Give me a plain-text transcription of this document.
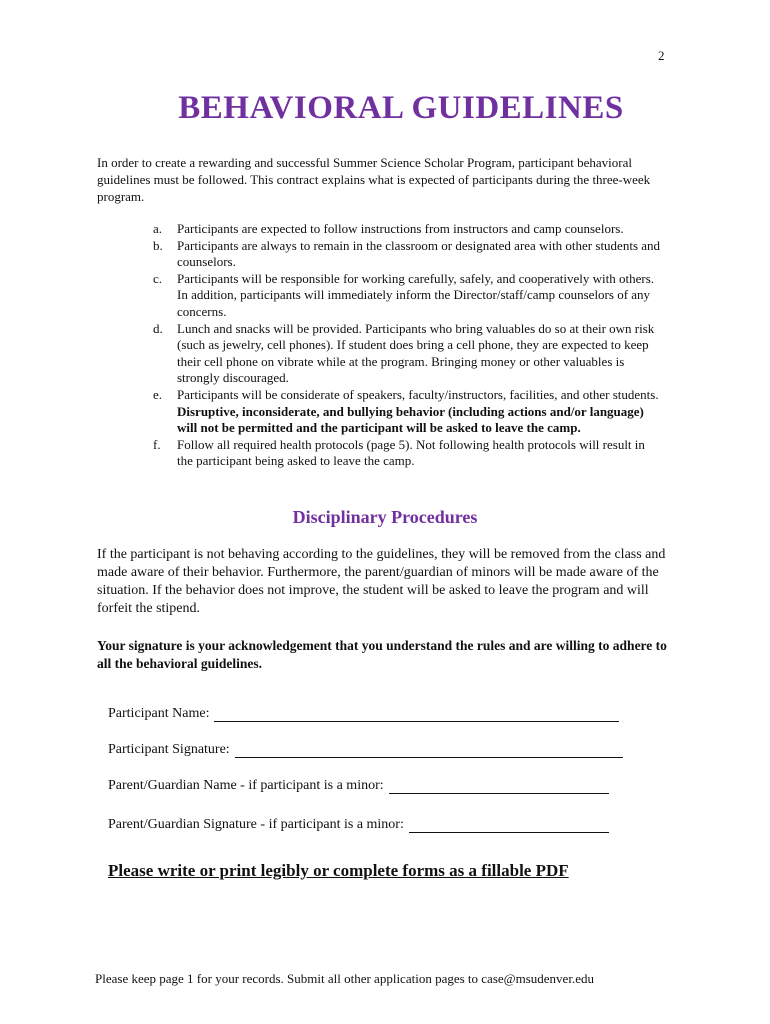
2
BEHAVIORAL GUIDELINES

In order to create a rewarding and successful Summer Science Scholar Program, participant behavioral guidelines must be followed. This contract explains what is expected of participants during the three-week program.

a.	Participants are expected to follow instructions from instructors and camp counselors.
b.	Participants are always to remain in the classroom or designated area with other students and counselors.
c.	Participants will be responsible for working carefully, safely, and cooperatively with others. In addition, participants will immediately inform the Director/staff/camp counselors of any concerns.
d.	Lunch and snacks will be provided. Participants who bring valuables do so at their own risk (such as jewelry, cell phones). If student does bring a cell phone, they are expected to keep their cell phone on vibrate while at the program. Bringing money or other valuables is strongly discouraged.
e.	Participants will be considerate of speakers, faculty/instructors, facilities, and other students. Disruptive, inconsiderate, and bullying behavior (including actions and/or language) will not be permitted and the participant will be asked to leave the camp.
f.	Follow all required health protocols (page 5). Not following health protocols will result in the participant being asked to leave the camp.
Disciplinary Procedures

If the participant is not behaving according to the guidelines, they will be removed from the class and made aware of their behavior. Furthermore, the parent/guardian of minors will be made aware of the situation. If the behavior does not improve, the student will be asked to leave the program and will forfeit the stipend.

Your signature is your acknowledgement that you understand the rules and are willing to adhere to all the behavioral guidelines.

Participant Name:
Participant Signature:
Parent/Guardian Name - if participant is a minor:
Parent/Guardian Signature - if participant is a minor:
Please write or print legibly or complete forms as a fillable PDF
Please keep page 1 for your records. Submit all other application pages to case@msudenver.edu
